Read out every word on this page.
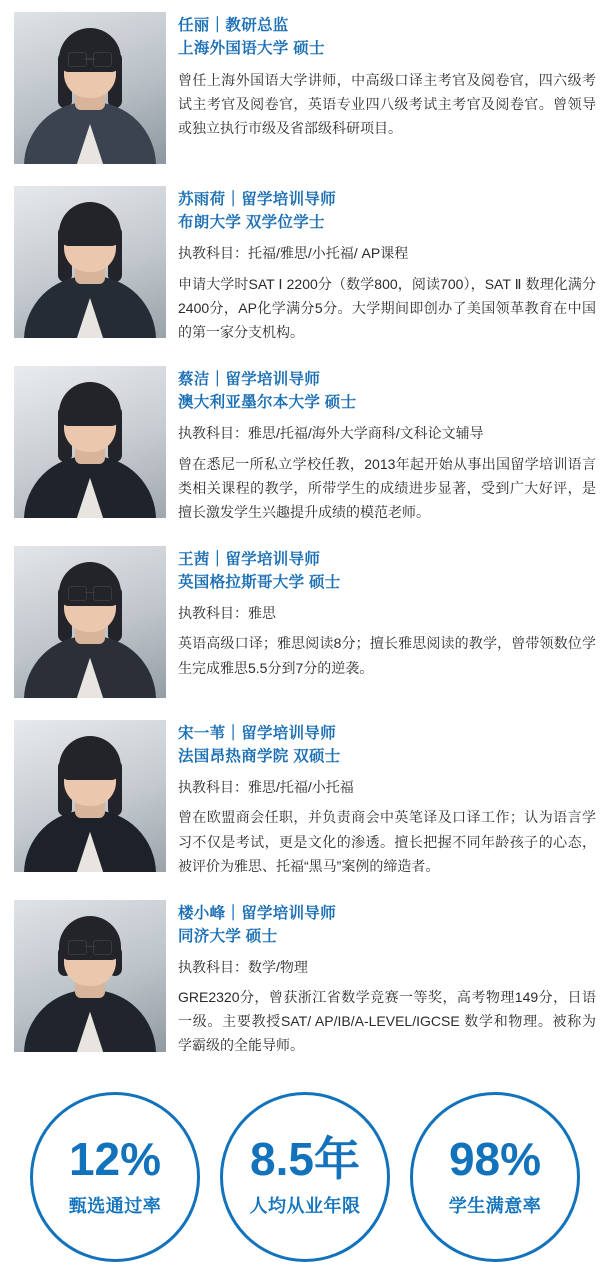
任丽｜教研总监
上海外国语大学 硕士
曾任上海外国语大学讲师，中高级口译主考官及阅卷官，四六级考试主考官及阅卷官，英语专业四八级考试主考官及阅卷官。曾领导或独立执行市级及省部级科研项目。
苏雨荷｜留学培训导师
布朗大学 双学位学士
执教科目：托福/雅思/小托福/ AP课程
申请大学时SAT Ⅰ 2200分（数学800，阅读700），SAT Ⅱ 数理化满分2400分，AP化学满分5分。大学期间即创办了美国领革教育在中国的第一家分支机构。
蔡洁｜留学培训导师
澳大利亚墨尔本大学 硕士
执教科目：雅思/托福/海外大学商科/文科论文辅导
曾在悉尼一所私立学校任教，2013年起开始从事出国留学培训语言类相关课程的教学，所带学生的成绩进步显著，受到广大好评，是擅长激发学生兴趣提升成绩的模范老师。
王茜｜留学培训导师
英国格拉斯哥大学 硕士
执教科目：雅思
英语高级口译；雅思阅读8分；擅长雅思阅读的教学，曾带领数位学生完成雅思5.5分到7分的逆袭。
宋一苇｜留学培训导师
法国昂热商学院 双硕士
执教科目：雅思/托福/小托福
曾在欧盟商会任职，并负责商会中英笔译及口译工作；认为语言学习不仅是考试，更是文化的渗透。擅长把握不同年龄孩子的心态，被评价为雅思、托福“黑马”案例的缔造者。
楼小峰｜留学培训导师
同济大学 硕士
执教科目：数学/物理
GRE2320分，曾获浙江省数学竞赛一等奖，高考物理149分，日语一级。主要教授SAT/ AP/IB/A-LEVEL/IGCSE 数学和物理。被称为学霸级的全能导师。
12%
甄选通过率
8.5年
人均从业年限
98%
学生满意率
